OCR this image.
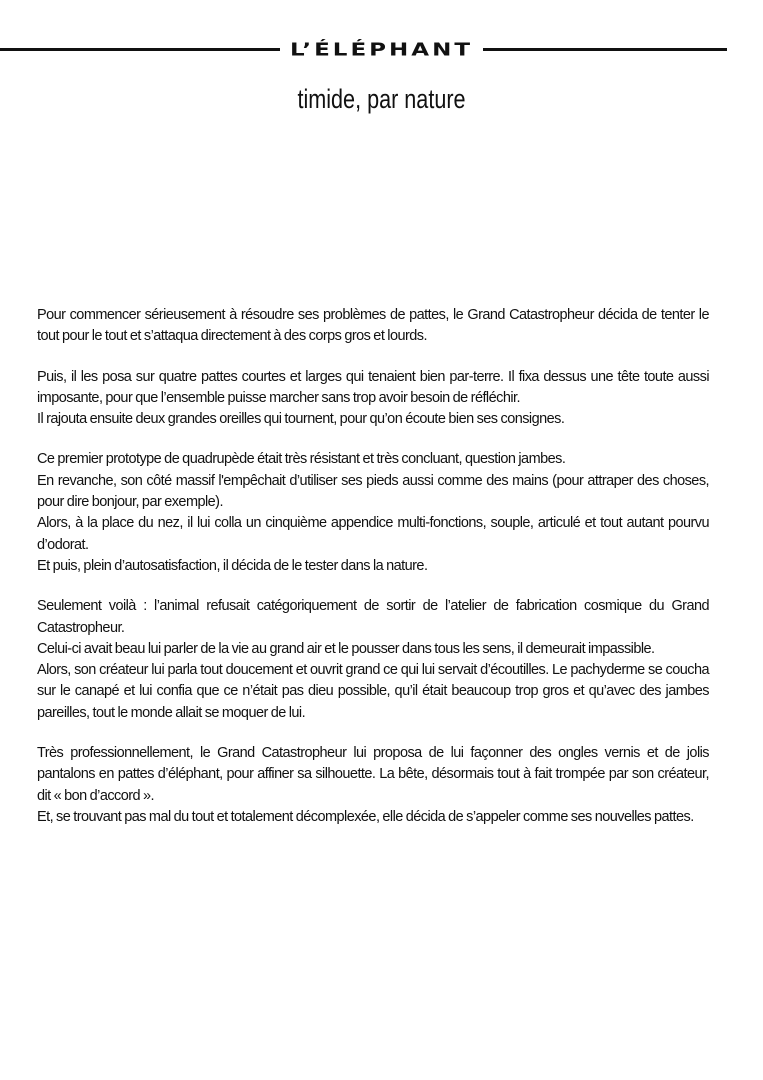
L’ÉLÉPHANT
timide, par nature

Pour commencer sérieusement à résoudre ses problèmes de pattes, le Grand Catastropheur décida de tenter le tout pour le tout et s’attaqua directement à des corps gros et lourds.

Puis, il les posa sur quatre pattes courtes et larges qui tenaient bien par-terre. Il fixa dessus une tête toute aussi imposante, pour que l’ensemble puisse marcher sans trop avoir besoin de réfléchir.
Il rajouta ensuite deux grandes oreilles qui tournent, pour qu’on écoute bien ses consignes.

Ce premier prototype de quadrupède était très résistant et très concluant, question jambes.
En revanche, son côté massif l'empêchait d’utiliser ses pieds aussi comme des mains (pour attraper des choses, pour dire bonjour, par exemple).
Alors, à la place du nez, il lui colla un cinquième appendice multi-fonctions, souple, articulé et tout autant pourvu d’odorat.
Et puis, plein d’autosatisfaction, il décida de le tester dans la nature.

Seulement voilà : l’animal refusait catégoriquement de sortir de l’atelier de fabrication cosmique du Grand Catastropheur.
Celui-ci avait beau lui parler de la vie au grand air et le pousser dans tous les sens, il demeurait impassible.
Alors, son créateur lui parla tout doucement et ouvrit grand ce qui lui servait d’écoutilles. Le pachyderme se coucha sur le canapé et lui confia que ce n’était pas dieu possible, qu’il était beaucoup trop gros et qu’avec des jambes pareilles, tout le monde allait se moquer de lui.

Très professionnellement, le Grand Catastropheur lui proposa de lui façonner des ongles vernis et de jolis pantalons en pattes d’éléphant, pour affiner sa silhouette. La bête, désormais tout à fait trompée par son créateur, dit « bon d’accord ».
Et, se trouvant pas mal du tout et totalement décomplexée, elle décida de s’appeler comme ses nouvelles pattes.
